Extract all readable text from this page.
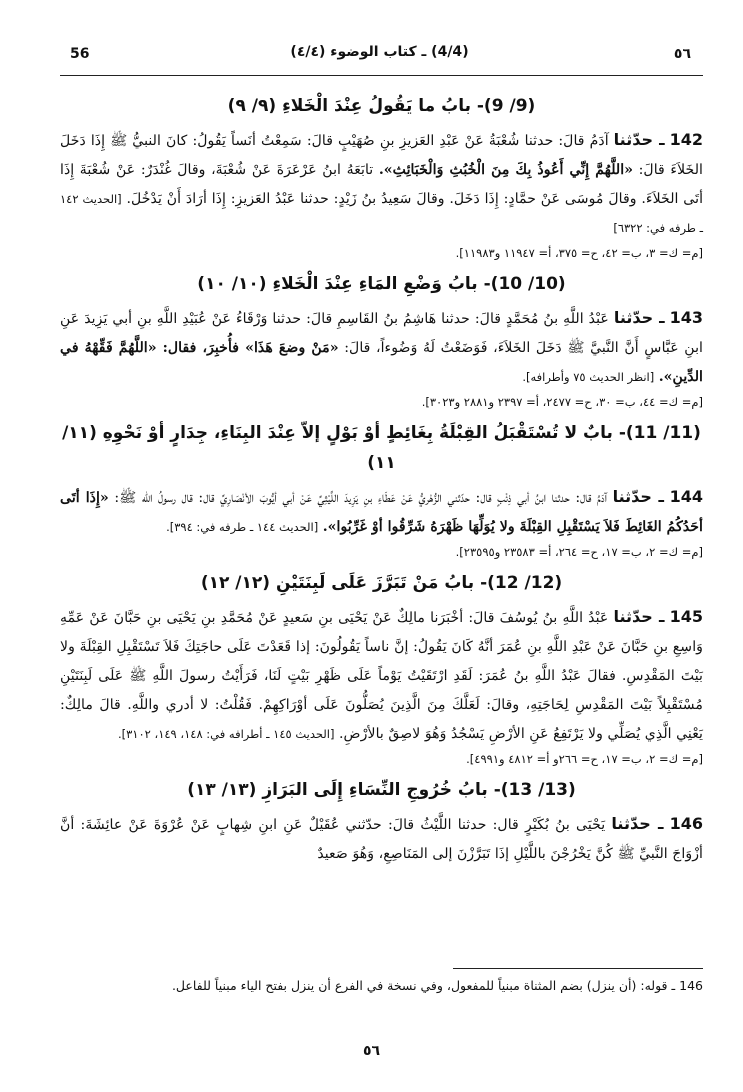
56	(4/4) ـ كتاب الوضوء (٤/٤)	٥٦
(9/ 9)- بابُ ما يَقُولُ عِنْدَ الْخَلاءِ (٩/ ٩)

142 ـ حدّثنا آدَمُ قالَ: حدثنا شُعْبَةُ عَنْ عَبْدِ العَزيزِ بنِ صُهَيْبٍ قالَ: سَمِعْتُ أنَساً يَقُولُ: كانَ النبيُّ ﷺ إِذَا دَخَلَ الخَلاَءَ قالَ: «اللَّهُمَّ إِنِّي أَعُوذُ بِكَ مِنَ الْخُبُثِ وَالْخَبَائِثِ». تابَعَهُ ابنُ عَرْعَرَةَ عَنْ شُعْبَةَ، وقالَ غُنْدَرٌ: عَنْ شُعْبَةَ إِذَا أتَى الخَلاَءَ. وقالَ مُوسَى عَنْ حمَّادٍ: إِذَا دَخَلَ. وقالَ سَعِيدُ بنُ زَيْدٍ: حدثنا عَبْدُ العَزيزِ: إِذَا أرَادَ أَنْ يَدْخُلَ. [الحديث ١٤٢ ـ طرفه في: ٦٣٢٢]
[م= ك= ٣، ب= ٤٢، ح= ٣٧٥، أ= ١١٩٤٧ و١١٩٨٣].

(10/ 10)- بابُ وَضْعِ المَاءِ عِنْدَ الْخَلاءِ (١٠/ ١٠)

143 ـ حدّثنا عَبْدُ اللَّهِ بنُ مُحَمَّدٍ قالَ: حدثنا هَاشِمُ بنُ القَاسِمِ قالَ: حدثنا وَرْقَاءُ عَنْ عُبَيْدِ اللَّهِ بنِ أبي يَزِيدَ عَنِ ابنِ عَبَّاسٍ أَنَّ النَّبيَّ ﷺ دَخَلَ الخَلاَءَ، فَوَضَعْتُ لَهُ وَضُوءاً، قالَ: «مَنْ وضعَ هَذَا» فأُخبِرَ، فقال: «اللَّهُمَّ فَقِّهْهُ في الدِّينِ». [انظر الحديث ٧٥ وأطرافه].
[م= ك= ٤٤، ب= ٣٠، ح= ٢٤٧٧، أ= ٢٣٩٧ و٢٨٨١ و٣٠٢٣].

(11/ 11)- بابٌ لا تُسْتَقْبَلُ القِبْلَةُ بِغَائِطٍ أوْ بَوْلٍ إلاّ عِنْدَ البِنَاءِ، جِدَارٍ أوْ نَحْوِهِ (١١/ ١١)

144 ـ حدّثنا آدَمُ قال: حدثنا ابنُ أبي ذِئْبٍ قال: حدّثني الزُّهْريُّ عَنْ عَطَاءِ بنِ يَزِيدَ اللَّيْثِيِّ عَنْ أبي أيُّوبَ الأنْصَارِيِّ قال: قال رسولُ الله ﷺ: «إِذَا أتَى أحَدُكُمُ الغَائِطَ فَلاَ يَسْتَقْبِلِ القِبْلَةَ ولا يُوَلِّهَا ظَهْرَهُ شَرِّقُوا أوْ غَرِّبُوا». [الحديث ١٤٤ ـ طرفه في: ٣٩٤].
[م= ك= ٢، ب= ١٧، ح= ٢٦٤، أ= ٢٣٥٨٣ و٢٣٥٩٥].

(12/ 12)- بابُ مَنْ تَبَرَّزَ عَلَى لَبِنَتَيْنِ (١٢/ ١٢)

145 ـ حدّثنا عَبْدُ اللَّهِ بنُ يُوسُفَ قالَ: أخْبَرَنا مالِكٌ عَنْ يَحْيَى بنِ سَعيدٍ عَنْ مُحَمَّدِ بنِ يَحْيَى بنِ حَبَّانَ عَنْ عَمِّهِ وَاسِعِ بنِ حَبَّانَ عَنْ عَبْدِ اللَّهِ بنِ عُمَرَ أنَّهُ كَانَ يَقُولُ: إنَّ ناساً يَقُولُونَ: إذا قَعَدْتَ عَلَى حاجَتِكَ فَلاَ تَسْتَقْبِلِ القِبْلَةَ ولا بَيْتَ المَقْدِسِ. فقالَ عَبْدُ اللَّهِ بنُ عُمَرَ: لَقَدِ ارْتَقَيْتُ يَوْماً عَلَى ظَهْرِ بَيْتٍ لَنَا، فَرَأَيْتُ رسولَ اللَّهِ ﷺ عَلَى لَبِنَتَيْنِ مُسْتَقْبِلاً بَيْتَ المَقْدِسِ لِحَاجَتِهِ، وقالَ: لَعَلَّكَ مِنَ الَّذِينَ يُصَلُّونَ عَلَى أوْرَاكِهِمْ. فَقُلْتُ: لا أدري واللَّهِ. قالَ مالِكٌ: يَعْنِي الَّذِي يُصَلِّي ولا يَرْتَفِعُ عَنِ الأرْضِ يَسْجُدُ وَهُوَ لاصِقٌ بالأرْضِ. [الحديث ١٤٥ ـ أطرافه في: ١٤٨، ١٤٩، ٣١٠٢].
[م= ك= ٢، ب= ١٧، ح= ٢٦٦و أ= ٤٨١٢ و٤٩٩١].

(13/ 13)- بابُ خُرُوجِ النِّسَاءِ إِلَى البَرَازِ (١٣/ ١٣)

146 ـ حدّثنا يَحْيَى بنُ بُكَيْرٍ قال: حدثنا اللَّيْثُ قالَ: حدّثني عُقَيْلٌ عَنِ ابنِ شِهابٍ عَنْ عُرْوَةَ عَنْ عائِشَةَ: أنَّ أزْوَاجَ النَّبيِّ ﷺ كُنَّ يَخْرُجْنَ باللَّيْلِ إذَا تَبَرَّزْنَ إلى المَنَاصِعِ، وَهُوَ صَعيدٌ

146 ـ قوله: (أن ينزل) بضم المثناة مبنياً للمفعول، وفي نسخة في الفرع أن ينزل بفتح الياء مبنياً للفاعل.
٥٦
